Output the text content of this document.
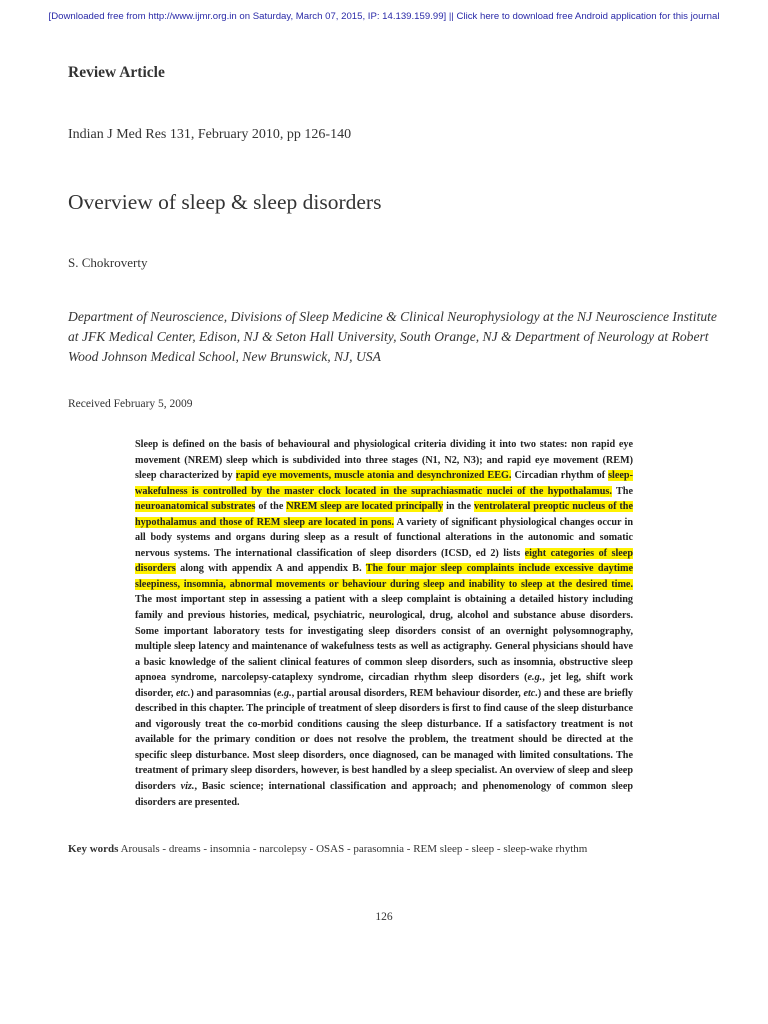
[Downloaded free from http://www.ijmr.org.in on Saturday, March 07, 2015, IP: 14.139.159.99] || Click here to download free Android application for this journal
Review Article
Indian J Med Res 131, February 2010, pp 126-140
Overview of sleep & sleep disorders
S. Chokroverty
Department of Neuroscience, Divisions of Sleep Medicine & Clinical Neurophysiology at the NJ Neuroscience Institute at JFK Medical Center, Edison, NJ & Seton Hall University, South Orange, NJ & Department of Neurology at Robert Wood Johnson Medical School, New Brunswick, NJ, USA
Received February 5, 2009
Sleep is defined on the basis of behavioural and physiological criteria dividing it into two states: non rapid eye movement (NREM) sleep which is subdivided into three stages (N1, N2, N3); and rapid eye movement (REM) sleep characterized by rapid eye movements, muscle atonia and desynchronized EEG. Circadian rhythm of sleep-wakefulness is controlled by the master clock located in the suprachiasmatic nuclei of the hypothalamus. The neuroanatomical substrates of the NREM sleep are located principally in the ventrolateral preoptic nucleus of the hypothalamus and those of REM sleep are located in pons. A variety of significant physiological changes occur in all body systems and organs during sleep as a result of functional alterations in the autonomic and somatic nervous systems. The international classification of sleep disorders (ICSD, ed 2) lists eight categories of sleep disorders along with appendix A and appendix B. The four major sleep complaints include excessive daytime sleepiness, insomnia, abnormal movements or behaviour during sleep and inability to sleep at the desired time. The most important step in assessing a patient with a sleep complaint is obtaining a detailed history including family and previous histories, medical, psychiatric, neurological, drug, alcohol and substance abuse disorders. Some important laboratory tests for investigating sleep disorders consist of an overnight polysomnography, multiple sleep latency and maintenance of wakefulness tests as well as actigraphy. General physicians should have a basic knowledge of the salient clinical features of common sleep disorders, such as insomnia, obstructive sleep apnoea syndrome, narcolepsy-cataplexy syndrome, circadian rhythm sleep disorders (e.g., jet leg, shift work disorder, etc.) and parasomnias (e.g., partial arousal disorders, REM behaviour disorder, etc.) and these are briefly described in this chapter. The principle of treatment of sleep disorders is first to find cause of the sleep disturbance and vigorously treat the co-morbid conditions causing the sleep disturbance. If a satisfactory treatment is not available for the primary condition or does not resolve the problem, the treatment should be directed at the specific sleep disturbance. Most sleep disorders, once diagnosed, can be managed with limited consultations. The treatment of primary sleep disorders, however, is best handled by a sleep specialist. An overview of sleep and sleep disorders viz., Basic science; international classification and approach; and phenomenology of common sleep disorders are presented.
Key words Arousals - dreams - insomnia - narcolepsy - OSAS - parasomnia - REM sleep - sleep - sleep-wake rhythm
126
